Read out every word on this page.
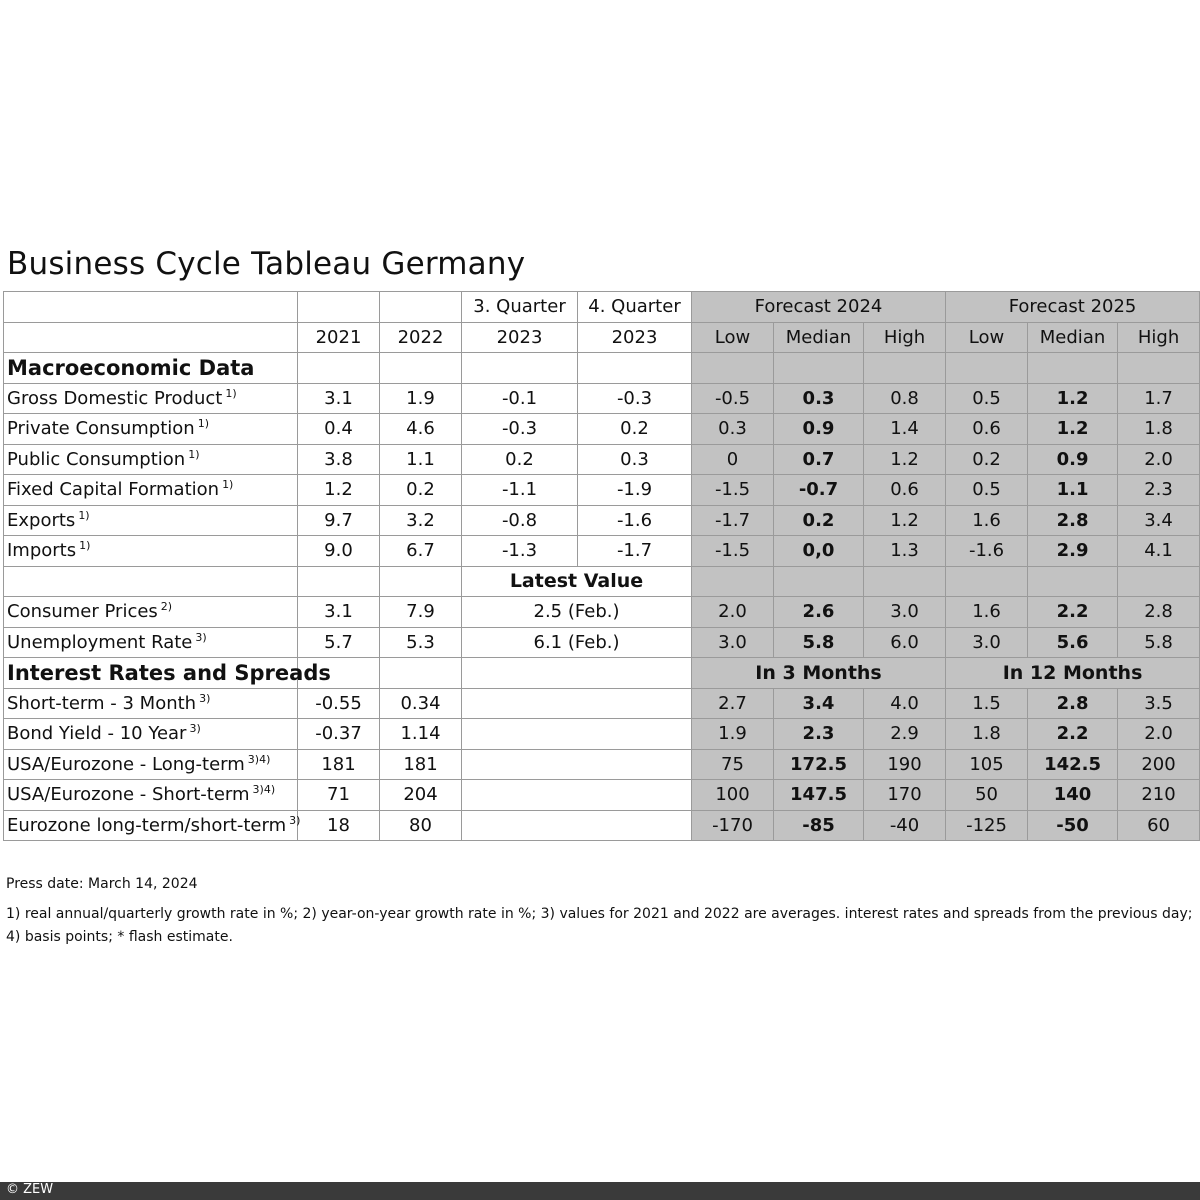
Business Cycle Tableau Germany
			3. Quarter	4. Quarter	Forecast 2024			Forecast 2025		
	2021	2022	2023	2023	Low	Median	High	Low	Median	High
Macroeconomic Data										
Gross Domestic Product $^{1)}$	3.1	1.9	-0.1	-0.3	-0.5	0.3	0.8	0.5	1.2	1.7
Private Consumption $^{1)}$	0.4	4.6	-0.3	0.2	0.3	0.9	1.4	0.6	1.2	1.8
Public Consumption $^{1)}$	3.8	1.1	0.2	0.3	0	0.7	1.2	0.2	0.9	2.0
Fixed Capital Formation $^{1)}$	1.2	0.2	-1.1	-1.9	-1.5	-0.7	0.6	0.5	1.1	2.3
Exports $^{1)}$	9.7	3.2	-0.8	-1.6	-1.7	0.2	1.2	1.6	2.8	3.4
Imports $^{1)}$	9.0	6.7	-1.3	-1.7	-1.5	0,0	1.3	-1.6	2.9	4.1
			Latest Value							
Consumer Prices $^{2)}$	3.1	7.9	2.5 (Feb.)		2.0	2.6	3.0	1.6	2.2	2.8
Unemployment Rate $^{3)}$	5.7	5.3	6.1 (Feb.)		3.0	5.8	6.0	3.0	5.6	5.8
Interest Rates and Spreads					In 3 Months			In 12 Months		
Short-term - 3 Month $^{3)}$	-0.55	0.34			2.7	3.4	4.0	1.5	2.8	3.5
Bond Yield - 10 Year $^{3)}$	-0.37	1.14			1.9	2.3	2.9	1.8	2.2	2.0
USA/Eurozone - Long-term $^{3)4)}$	181	181			75	172.5	190	105	142.5	200
USA/Eurozone - Short-term $^{3)4)}$	71	204			100	147.5	170	50	140	210
Eurozone long-term/short-term $^{3)}$	18	80			-170	-85	-40	-125	-50	60
Press date: March 14, 2024
1) real annual/quarterly growth rate in %; 2) year-on-year growth rate in %; 3) values for 2021 and 2022 are averages. interest rates and spreads from the previous day; 4) basis points; * flash estimate.
© ZEW
